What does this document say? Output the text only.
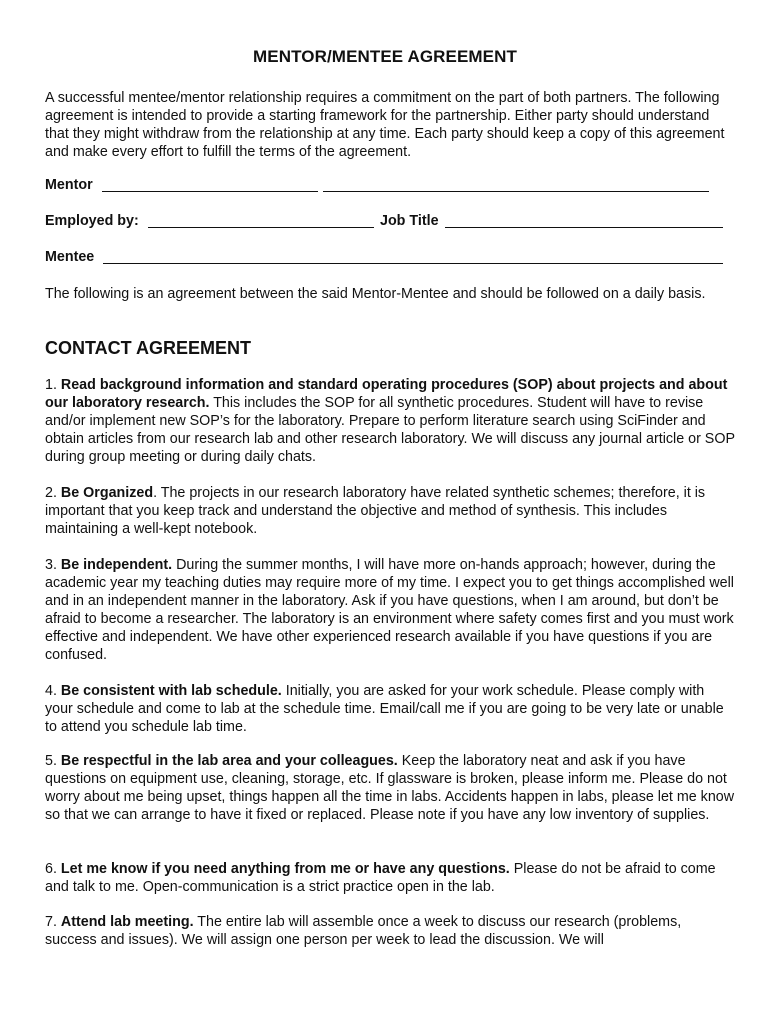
MENTOR/MENTEE AGREEMENT
A successful mentee/mentor relationship requires a commitment on the part of both partners. The following agreement is intended to provide a starting framework for the partnership. Either party should understand that they might withdraw from the relationship at any time. Each party should keep a copy of this agreement and make every effort to fulfill the terms of the agreement.
Mentor
Employed by:	Job Title
Mentee
The following is an agreement between the said Mentor-Mentee and should be followed on a daily basis.
CONTACT AGREEMENT
1. Read background information and standard operating procedures (SOP) about projects and about our laboratory research. This includes the SOP for all synthetic procedures. Student will have to revise and/or implement new SOP’s for the laboratory. Prepare to perform literature search using SciFinder and obtain articles from our research lab and other research laboratory. We will discuss any journal article or SOP during group meeting or during daily chats.
2. Be Organized. The projects in our research laboratory have related synthetic schemes; therefore, it is important that you keep track and understand the objective and method of synthesis. This includes maintaining a well-kept notebook.
3. Be independent. During the summer months, I will have more on-hands approach; however, during the academic year my teaching duties may require more of my time. I expect you to get things accomplished well and in an independent manner in the laboratory. Ask if you have questions, when I am around, but don’t be afraid to become a researcher. The laboratory is an environment where safety comes first and you must work effective and independent. We have other experienced research available if you have questions if you are confused.
4. Be consistent with lab schedule. Initially, you are asked for your work schedule. Please comply with your schedule and come to lab at the schedule time. Email/call me if you are going to be very late or unable to attend you schedule lab time.
5. Be respectful in the lab area and your colleagues. Keep the laboratory neat and ask if you have questions on equipment use, cleaning, storage, etc. If glassware is broken, please inform me. Please do not worry about me being upset, things happen all the time in labs. Accidents happen in labs, please let me know so that we can arrange to have it fixed or replaced. Please note if you have any low inventory of supplies.
6. Let me know if you need anything from me or have any questions. Please do not be afraid to come and talk to me. Open-communication is a strict practice open in the lab.
7. Attend lab meeting. The entire lab will assemble once a week to discuss our research (problems, success and issues). We will assign one person per week to lead the discussion. We will
